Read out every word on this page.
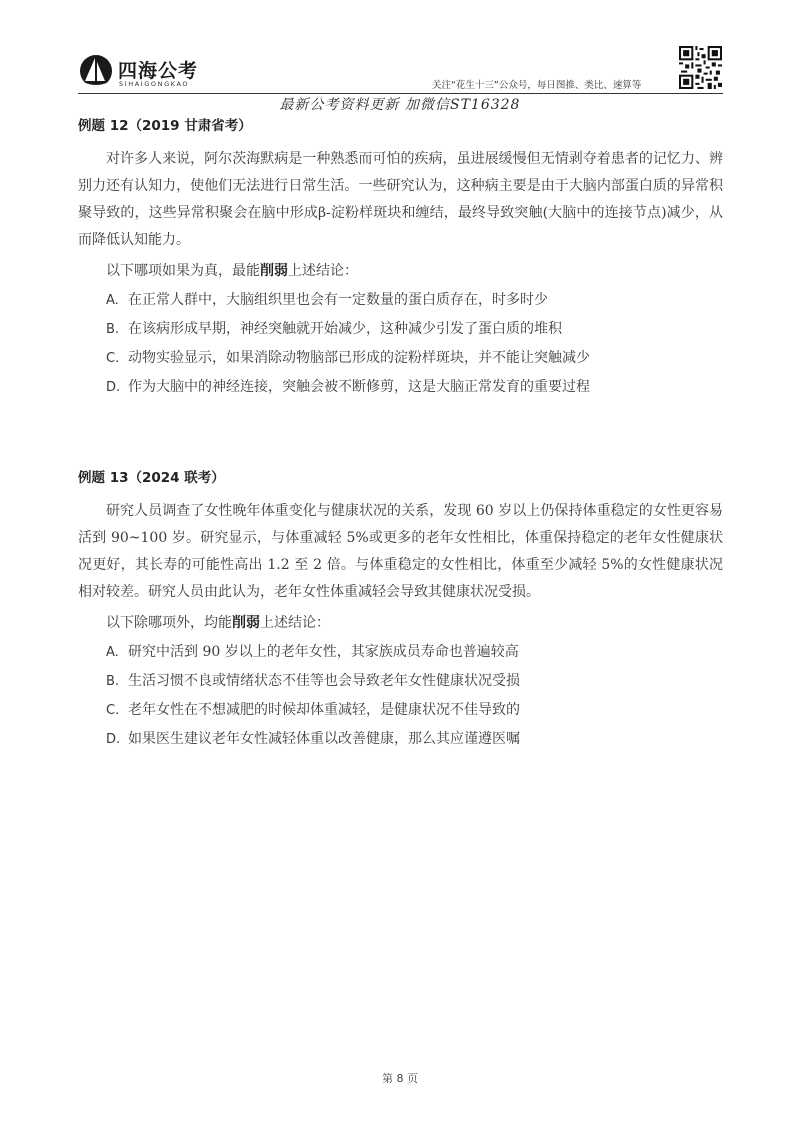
四海公考
SIHAIGONGKAO	关注“花生十三”公众号，每日图推、类比、速算等
最新公考资料更新 加微信ST16328
例题 12（2019 甘肃省考）
对许多人来说，阿尔茨海默病是一种熟悉而可怕的疾病，虽进展缓慢但无情剥夺着患者的记忆力、辨别力还有认知力，使他们无法进行日常生活。一些研究认为，这种病主要是由于大脑内部蛋白质的异常积聚导致的，这些异常积聚会在脑中形成β-淀粉样斑块和缠结，最终导致突触(大脑中的连接节点)减少，从而降低认知能力。
以下哪项如果为真，最能削弱上述结论：
A. 在正常人群中，大脑组织里也会有一定数量的蛋白质存在，时多时少
B. 在该病形成早期，神经突触就开始减少，这种减少引发了蛋白质的堆积
C. 动物实验显示，如果消除动物脑部已形成的淀粉样斑块，并不能让突触减少
D. 作为大脑中的神经连接，突触会被不断修剪，这是大脑正常发育的重要过程
例题 13（2024 联考）
研究人员调查了女性晚年体重变化与健康状况的关系，发现 60 岁以上仍保持体重稳定的女性更容易活到 90~100 岁。研究显示，与体重减轻 5%或更多的老年女性相比，体重保持稳定的老年女性健康状况更好，其长寿的可能性高出 1.2 至 2 倍。与体重稳定的女性相比，体重至少减轻 5%的女性健康状况相对较差。研究人员由此认为，老年女性体重减轻会导致其健康状况受损。
以下除哪项外，均能削弱上述结论：
A. 研究中活到 90 岁以上的老年女性，其家族成员寿命也普遍较高
B. 生活习惯不良或情绪状态不佳等也会导致老年女性健康状况受损
C. 老年女性在不想减肥的时候却体重减轻，是健康状况不佳导致的
D. 如果医生建议老年女性减轻体重以改善健康，那么其应谨遵医嘱
第 8 页
